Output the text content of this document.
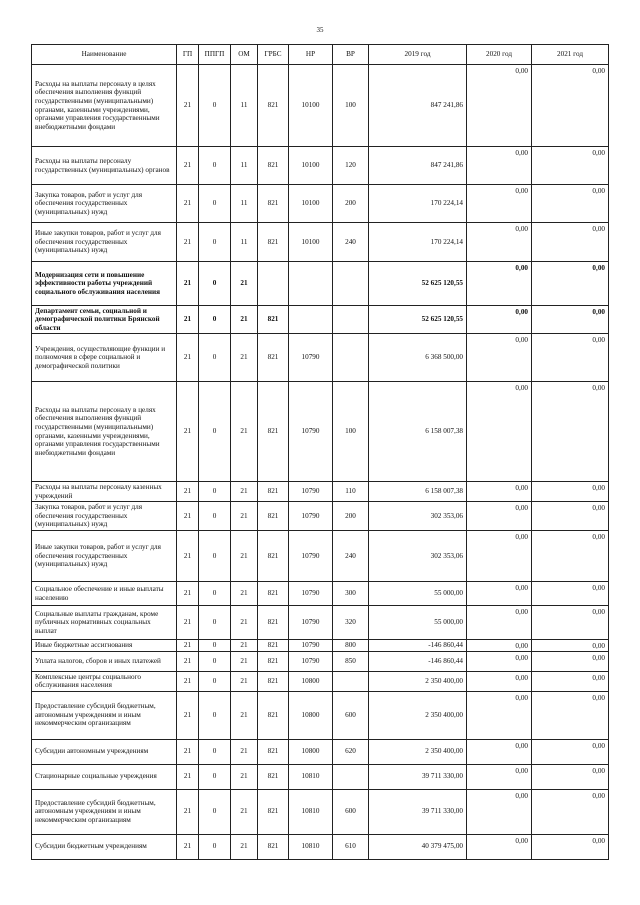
35
Наименование	ГП	ППГП	ОМ	ГРБС	НР	ВР	2019 год	2020 год	2021 год
Расходы на выплаты персоналу в целях обеспечения выполнения функций государственными (муниципальными) органами, казенными учреждениями, органами управления государственными внебюджетными фондами	21	0	11	821	10100	100	847 241,86	0,00	0,00
Расходы на выплаты персоналу государственных (муниципальных) органов	21	0	11	821	10100	120	847 241,86	0,00	0,00
Закупка товаров, работ и услуг для обеспечения государственных (муниципальных) нужд	21	0	11	821	10100	200	170 224,14	0,00	0,00
Иные закупки товаров, работ и услуг для обеспечения государственных (муниципальных) нужд	21	0	11	821	10100	240	170 224,14	0,00	0,00
Модернизация сети и повышение эффективности работы учреждений социального обслуживания населения	21	0	21				52 625 120,55	0,00	0,00
Департамент семьи, социальной и демографической политики Брянской области	21	0	21	821			52 625 120,55	0,00	0,00
Учреждения, осуществляющие функции и полномочия в сфере социальной и демографической политики	21	0	21	821	10790		6 368 500,00	0,00	0,00
Расходы на выплаты персоналу в целях обеспечения выполнения функций государственными (муниципальными) органами, казенными учреждениями, органами управления государственными внебюджетными фондами	21	0	21	821	10790	100	6 158 007,38	0,00	0,00
Расходы на выплаты персоналу казенных учреждений	21	0	21	821	10790	110	6 158 007,38	0,00	0,00
Закупка товаров, работ и услуг для обеспечения государственных (муниципальных) нужд	21	0	21	821	10790	200	302 353,06	0,00	0,00
Иные закупки товаров, работ и услуг для обеспечения государственных (муниципальных) нужд	21	0	21	821	10790	240	302 353,06	0,00	0,00
Социальное обеспечение и иные выплаты населению	21	0	21	821	10790	300	55 000,00	0,00	0,00
Социальные выплаты гражданам, кроме публичных нормативных социальных выплат	21	0	21	821	10790	320	55 000,00	0,00	0,00
Иные бюджетные ассигнования	21	0	21	821	10790	800	-146 860,44	0,00	0,00
Уплата налогов, сборов и иных платежей	21	0	21	821	10790	850	-146 860,44	0,00	0,00
Комплексные центры социального обслуживания населения	21	0	21	821	10800		2 350 400,00	0,00	0,00
Предоставление субсидий бюджетным, автономным учреждениям и иным некоммерческим организациям	21	0	21	821	10800	600	2 350 400,00	0,00	0,00
Субсидии автономным учреждениям	21	0	21	821	10800	620	2 350 400,00	0,00	0,00
Стационарные социальные учреждения	21	0	21	821	10810		39 711 330,00	0,00	0,00
Предоставление субсидий бюджетным, автономным учреждениям и иным некоммерческим организациям	21	0	21	821	10810	600	39 711 330,00	0,00	0,00
Субсидии бюджетным учреждениям	21	0	21	821	10810	610	40 379 475,00	0,00	0,00
